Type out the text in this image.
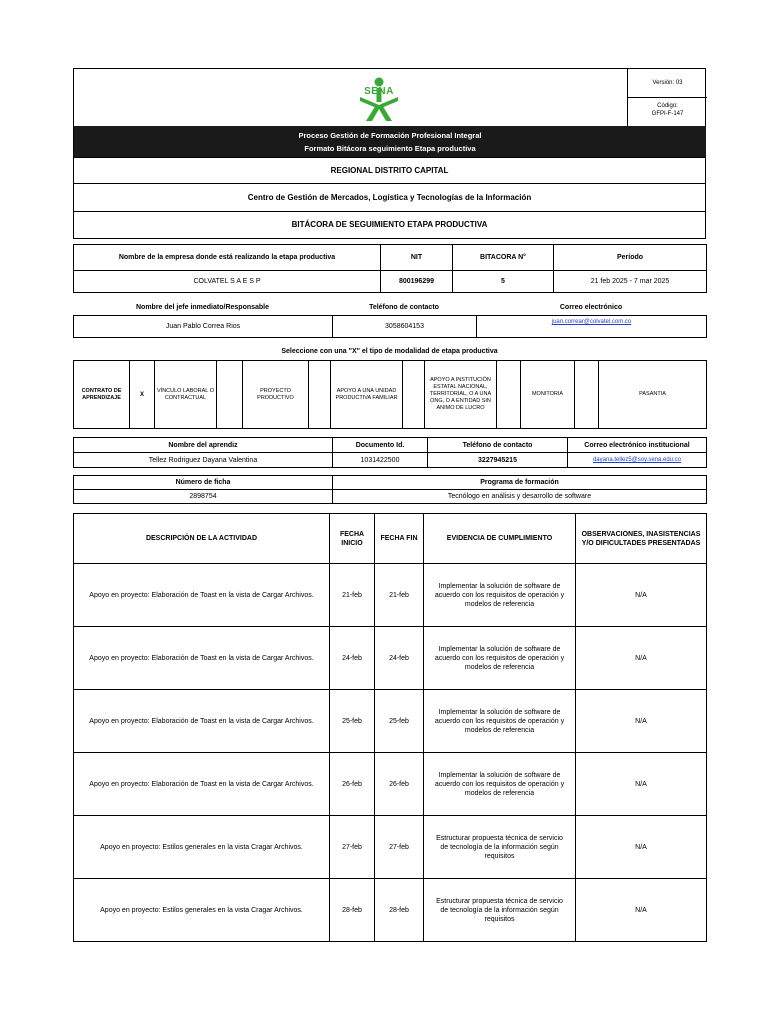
SENA
Versión: 03
Código:
GFPI-F-147
Proceso Gestión de Formación Profesional Integral
Formato Bitácora seguimiento Etapa productiva
REGIONAL DISTRITO CAPITAL
Centro de Gestión de Mercados, Logística y Tecnologías de la Información
BITÁCORA DE SEGUIMIENTO ETAPA PRODUCTIVA
Nombre de la empresa donde está realizando la etapa productiva	NIT	BITACORA N°	Período
COLVATEL S A E S P	800196299	5	21 feb 2025 - 7 mar 2025
Nombre del jefe inmediato/Responsable	Teléfono de contacto	Correo electrónico
Juan Pablo Correa Rios	3058604153	juan.correar@colvatel.com.co
Seleccione con una "X" el tipo de modalidad de etapa productiva
CONTRATO DE APRENDIZAJE	X	VÍNCULO LABORAL O CONTRACTUAL		PROYECTO PRODUCTIVO		APOYO A UNA UNIDAD PRODUCTIVA FAMILIAR		APOYO A INSTITUCIÓN ESTATAL NACIONAL, TERRITORIAL, O A UNA ONG, O A ENTIDAD SIN ANIMO DE LUCRO		MONITORIA		PASANTIA
Nombre del aprendiz	Documento Id.	Teléfono de contacto	Correo electrónico institucional
Tellez Rodriguez Dayana Valentina	1031422500	3227945215	dayana.tellez5@soy.sena.edu.co
Número de ficha	Programa de formación
2898754	Tecnólogo en análisis y desarrollo de software
DESCRIPCIÓN DE LA ACTIVIDAD	FECHA INICIO	FECHA FIN	EVIDENCIA DE CUMPLIMIENTO	OBSERVACIONES, INASISTENCIAS Y/O DIFICULTADES PRESENTADAS
Apoyo en proyecto: Elaboración de Toast en la vista de Cargar Archivos.	21-feb	21-feb	Implementar la solución de software de acuerdo con los requisitos de operación y modelos de referencia	N/A
Apoyo en proyecto: Elaboración de Toast en la vista de Cargar Archivos.	24-feb	24-feb	Implementar la solución de software de acuerdo con los requisitos de operación y modelos de referencia	N/A
Apoyo en proyecto: Elaboración de Toast en la vista de Cargar Archivos.	25-feb	25-feb	Implementar la solución de software de acuerdo con los requisitos de operación y modelos de referencia	N/A
Apoyo en proyecto: Elaboración de Toast en la vista de Cargar Archivos.	26-feb	26-feb	Implementar la solución de software de acuerdo con los requisitos de operación y modelos de referencia	N/A
Apoyo en proyecto: Estilos generales en la vista Cragar Archivos.	27-feb	27-feb	Estructurar propuesta técnica de servicio de tecnología de la información según requisitos	N/A
Apoyo en proyecto: Estilos generales en la vista Cragar Archivos.	28-feb	28-feb	Estructurar propuesta técnica de servicio de tecnología de la información según requisitos	N/A
